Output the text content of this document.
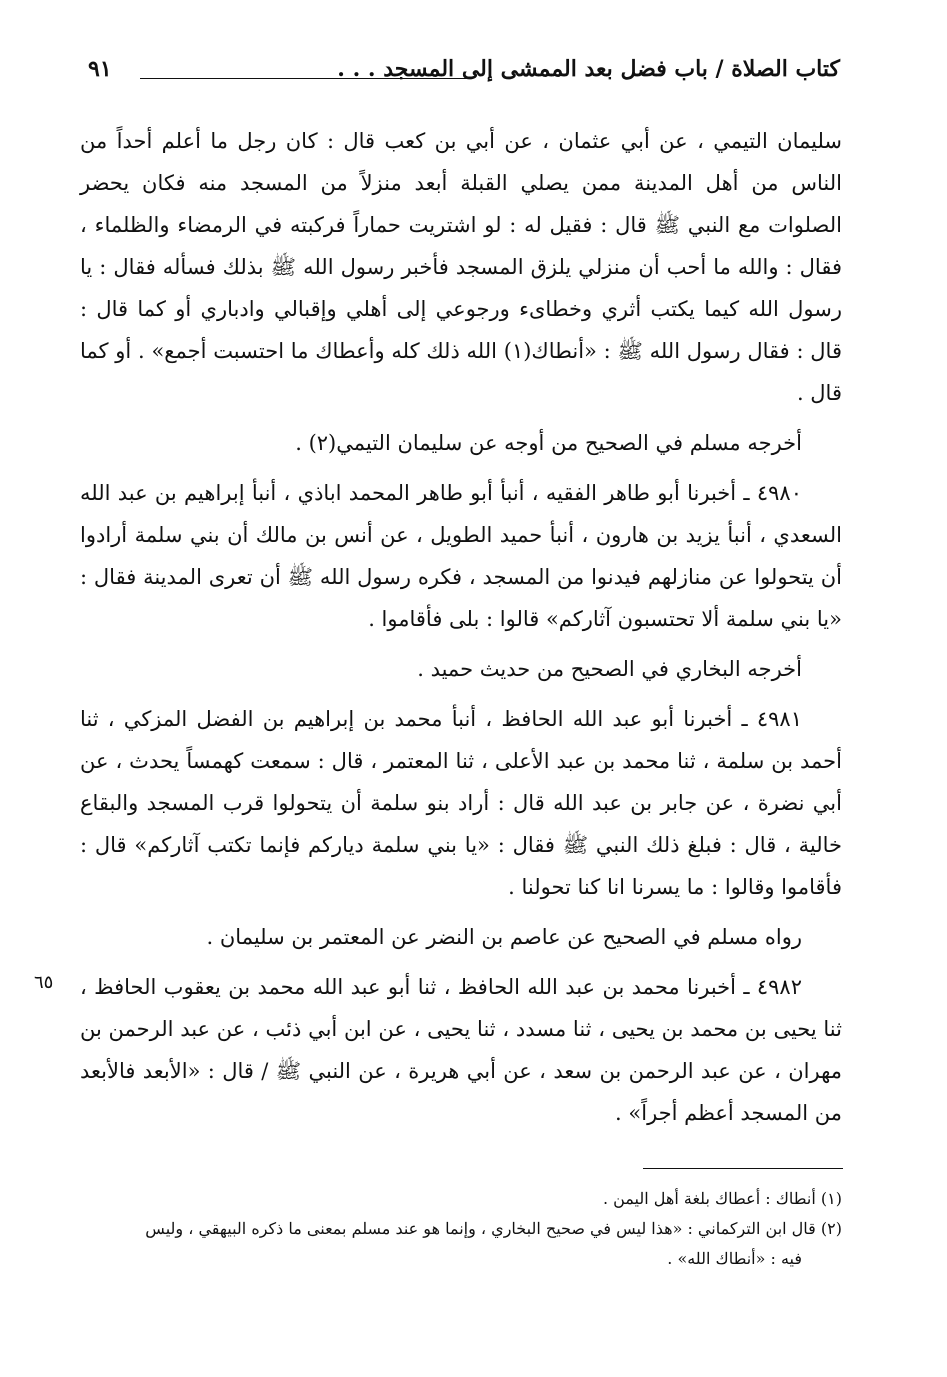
كتاب الصلاة / باب فضل بعد الممشى إلى المسجد . . .
٩١

سليمان التيمي ، عن أبي عثمان ، عن أبي بن كعب قال : كان رجل ما أعلم أحداً من الناس من أهل المدينة ممن يصلي القبلة أبعد منزلاً من المسجد منه فكان يحضر الصلوات مع النبي ﷺ قال : فقيل له : لو اشتريت حماراً فركبته في الرمضاء والظلماء ، فقال : والله ما أحب أن منزلي يلزق المسجد فأخبر رسول الله ﷺ بذلك فسأله فقال : يا رسول الله كيما يكتب أثري وخطاىء ورجوعي إلى أهلي وإقبالي وادباري أو كما قال : قال : فقال رسول الله ﷺ : «أنطاك(١) الله ذلك كله وأعطاك ما احتسبت أجمع» . أو كما قال .

أخرجه مسلم في الصحيح من أوجه عن سليمان التيمي(٢) .

٤٩٨٠ ـ أخبرنا أبو طاهر الفقيه ، أنبأ أبو طاهر المحمد اباذي ، أنبأ إبراهيم بن عبد الله السعدي ، أنبأ يزيد بن هارون ، أنبأ حميد الطويل ، عن أنس بن مالك أن بني سلمة أرادوا أن يتحولوا عن منازلهم فيدنوا من المسجد ، فكره رسول الله ﷺ أن تعرى المدينة فقال : «يا بني سلمة ألا تحتسبون آثاركم» قالوا : بلى فأقاموا .

أخرجه البخاري في الصحيح من حديث حميد .

٤٩٨١ ـ أخبرنا أبو عبد الله الحافظ ، أنبأ محمد بن إبراهيم بن الفضل المزكي ، ثنا أحمد بن سلمة ، ثنا محمد بن عبد الأعلى ، ثنا المعتمر ، قال : سمعت كهمساً يحدث ، عن أبي نضرة ، عن جابر بن عبد الله قال : أراد بنو سلمة أن يتحولوا قرب المسجد والبقاع خالية ، قال : فبلغ ذلك النبي ﷺ فقال : «يا بني سلمة دياركم فإنما تكتب آثاركم» قال : فأقاموا وقالوا : ما يسرنا انا كنا تحولنا .

رواه مسلم في الصحيح عن عاصم بن النضر عن المعتمر بن سليمان .

٤٩٨٢ ـ أخبرنا محمد بن عبد الله الحافظ ، ثنا أبو عبد الله محمد بن يعقوب الحافظ ، ثنا يحيى بن محمد بن يحيى ، ثنا مسدد ، ثنا يحيى ، عن ابن أبي ذئب ، عن عبد الرحمن بن مهران ، عن عبد الرحمن بن سعد ، عن أبي هريرة ، عن النبي ﷺ / قال : «الأبعد فالأبعد من المسجد أعظم أجراً» .

٦٥

(١) أنطاك : أعطاك بلغة أهل اليمن .

(٢) قال ابن التركماني : «هذا ليس في صحيح البخاري ، وإنما هو عند مسلم بمعنى ما ذكره البيهقي ، وليس

فيه : «أنطاك الله» .
